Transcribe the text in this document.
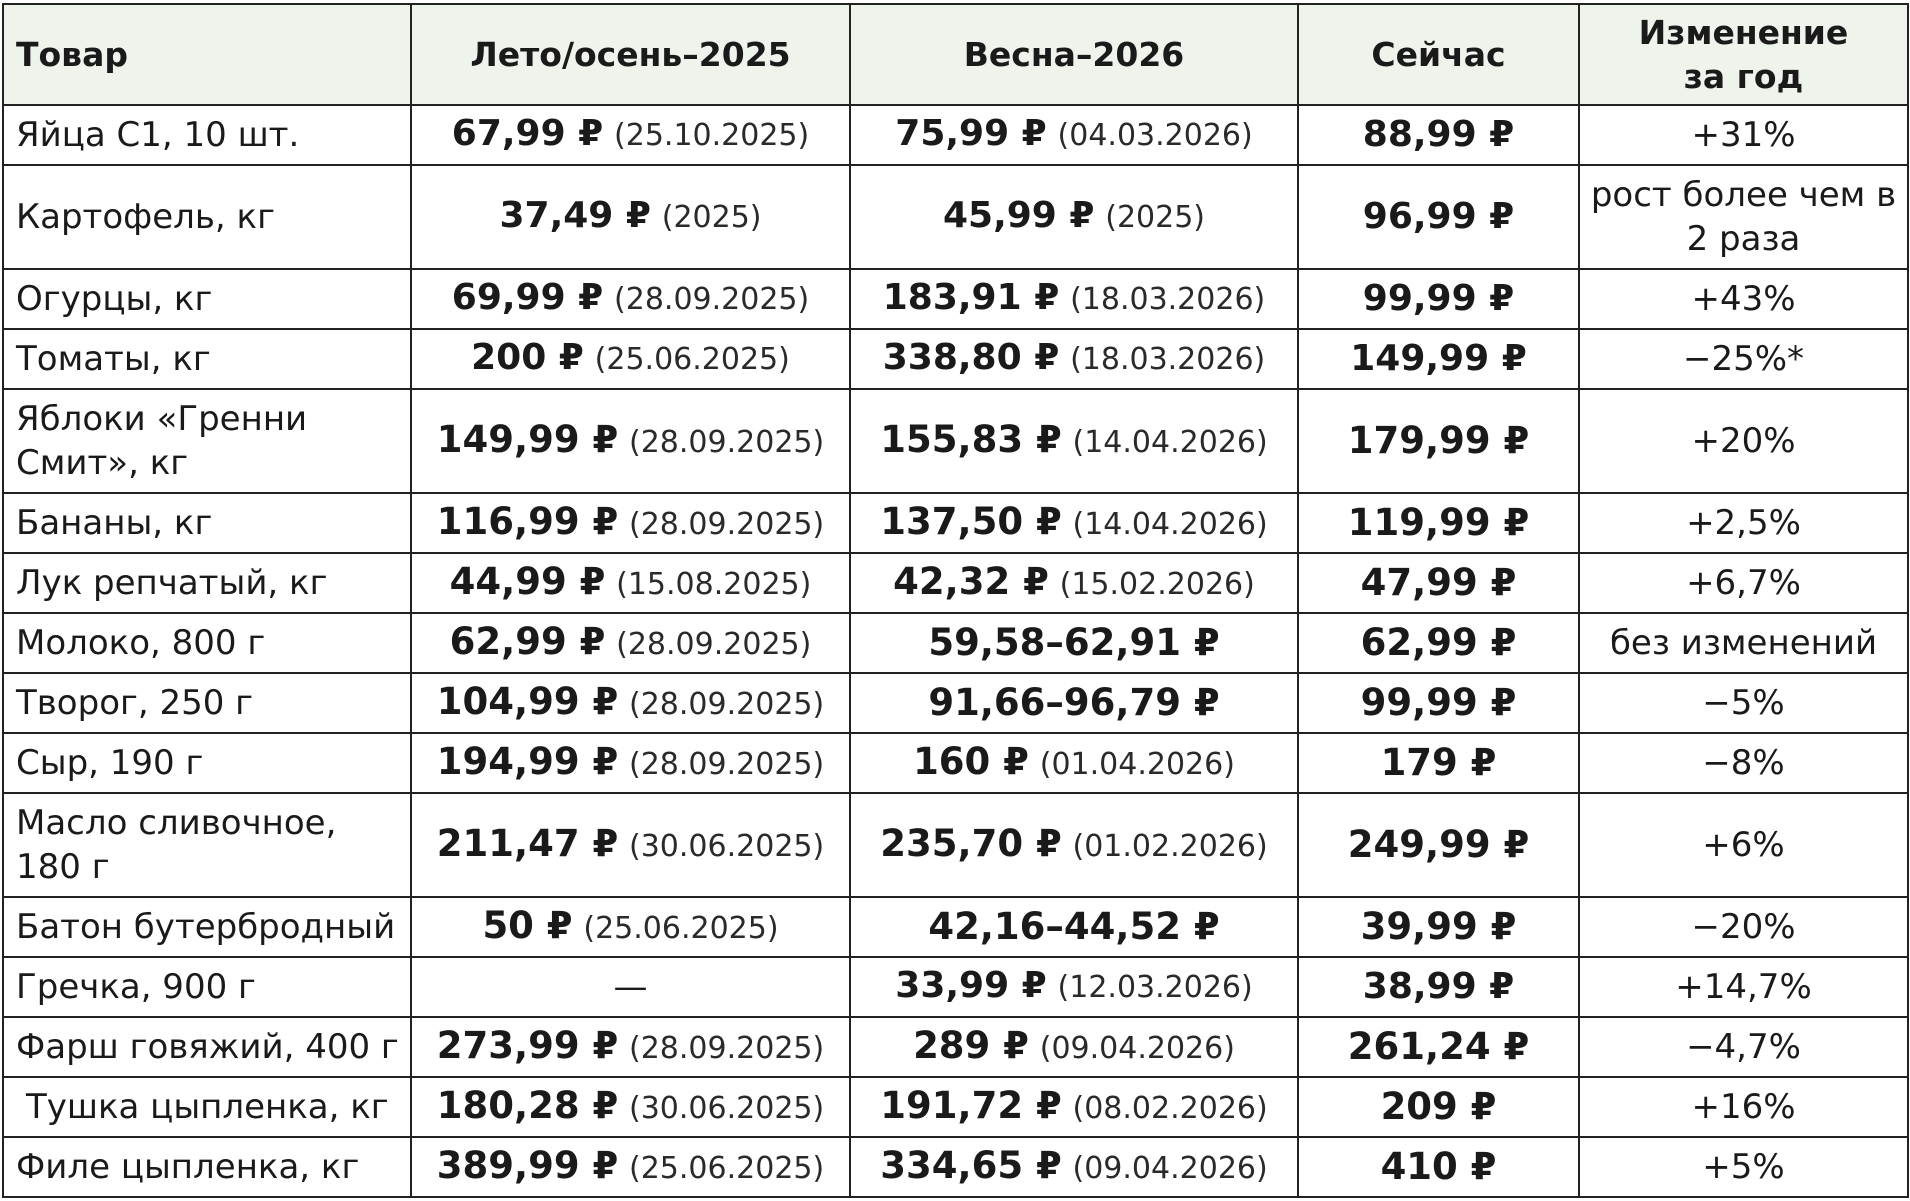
Товар	Лето/осень–2025	Весна–2026	Сейчас	Изменение
за год
Яйца С1, 10 шт.	67,99 ₽ (25.10.2025)	75,99 ₽ (04.03.2026)	88,99 ₽	+31%
Картофель, кг	37,49 ₽ (2025)	45,99 ₽ (2025)	96,99 ₽	рост более чем в 2 раза
Огурцы, кг	69,99 ₽ (28.09.2025)	183,91 ₽ (18.03.2026)	99,99 ₽	+43%
Томаты, кг	200 ₽ (25.06.2025)	338,80 ₽ (18.03.2026)	149,99 ₽	−25%*
Яблоки «Гренни Смит», кг	149,99 ₽ (28.09.2025)	155,83 ₽ (14.04.2026)	179,99 ₽	+20%
Бананы, кг	116,99 ₽ (28.09.2025)	137,50 ₽ (14.04.2026)	119,99 ₽	+2,5%
Лук репчатый, кг	44,99 ₽ (15.08.2025)	42,32 ₽ (15.02.2026)	47,99 ₽	+6,7%
Молоко, 800 г	62,99 ₽ (28.09.2025)	59,58–62,91 ₽	62,99 ₽	без изменений
Творог, 250 г	104,99 ₽ (28.09.2025)	91,66–96,79 ₽	99,99 ₽	−5%
Сыр, 190 г	194,99 ₽ (28.09.2025)	160 ₽ (01.04.2026)	179 ₽	−8%
Масло сливочное, 180 г	211,47 ₽ (30.06.2025)	235,70 ₽ (01.02.2026)	249,99 ₽	+6%
Батон бутербродный	50 ₽ (25.06.2025)	42,16–44,52 ₽	39,99 ₽	−20%
Гречка, 900 г	—	33,99 ₽ (12.03.2026)	38,99 ₽	+14,7%
Фарш говяжий, 400 г	273,99 ₽ (28.09.2025)	289 ₽ (09.04.2026)	261,24 ₽	−4,7%
Тушка цыпленка, кг	180,28 ₽ (30.06.2025)	191,72 ₽ (08.02.2026)	209 ₽	+16%
Филе цыпленка, кг	389,99 ₽ (25.06.2025)	334,65 ₽ (09.04.2026)	410 ₽	+5%
